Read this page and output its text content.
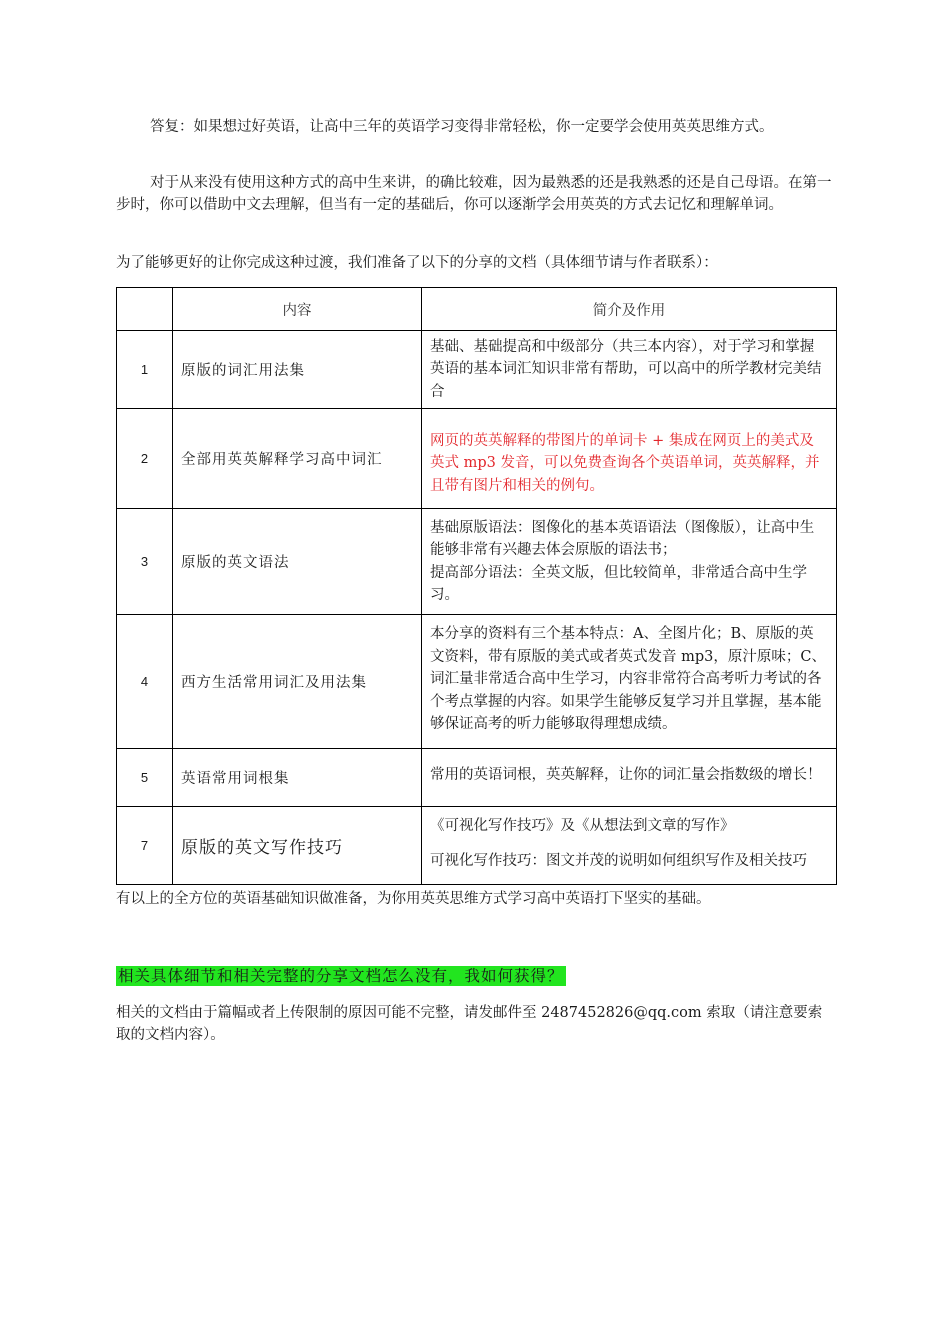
答复：如果想过好英语，让高中三年的英语学习变得非常轻松，你一定要学会使用英英思维方式。

对于从来没有使用这种方式的高中生来讲，的确比较难，因为最熟悉的还是我熟悉的还是自己母语。在第一步时，你可以借助中文去理解，但当有一定的基础后，你可以逐渐学会用英英的方式去记忆和理解单词。

为了能够更好的让你完成这种过渡，我们准备了以下的分享的文档（具体细节请与作者联系）：

	内容	简介及作用
1	原版的词汇用法集	基础、基础提高和中级部分（共三本内容），对于学习和掌握英语的基本词汇知识非常有帮助，可以高中的所学教材完美结合
2	全部用英英解释学习高中词汇	网页的英英解释的带图片的单词卡 + 集成在网页上的美式及英式 mp3 发音，可以免费查询各个英语单词，英英解释，并且带有图片和相关的例句。
3	原版的英文语法	基础原版语法：图像化的基本英语语法（图像版），让高中生能够非常有兴趣去体会原版的语法书；
提高部分语法：全英文版，但比较简单，非常适合高中生学习。

4	西方生活常用词汇及用法集	本分享的资料有三个基本特点：A、全图片化；B、原版的英文资料，带有原版的美式或者英式发音 mp3，原汁原味；C、词汇量非常适合高中生学习，内容非常符合高考听力考试的各个考点掌握的内容。如果学生能够反复学习并且掌握，基本能够保证高考的听力能够取得理想成绩。
5	英语常用词根集	常用的英语词根，英英解释，让你的词汇量会指数级的增长！
7	原版的英文写作技巧	《可视化写作技巧》及《从想法到文章的写作》
可视化写作技巧：图文并茂的说明如何组织写作及相关技巧

有以上的全方位的英语基础知识做准备，为你用英英思维方式学习高中英语打下坚实的基础。

相关具体细节和相关完整的分享文档怎么没有，我如何获得？

相关的文档由于篇幅或者上传限制的原因可能不完整，请发邮件至 2487452826@qq.com 索取（请注意要索取的文档内容）。
